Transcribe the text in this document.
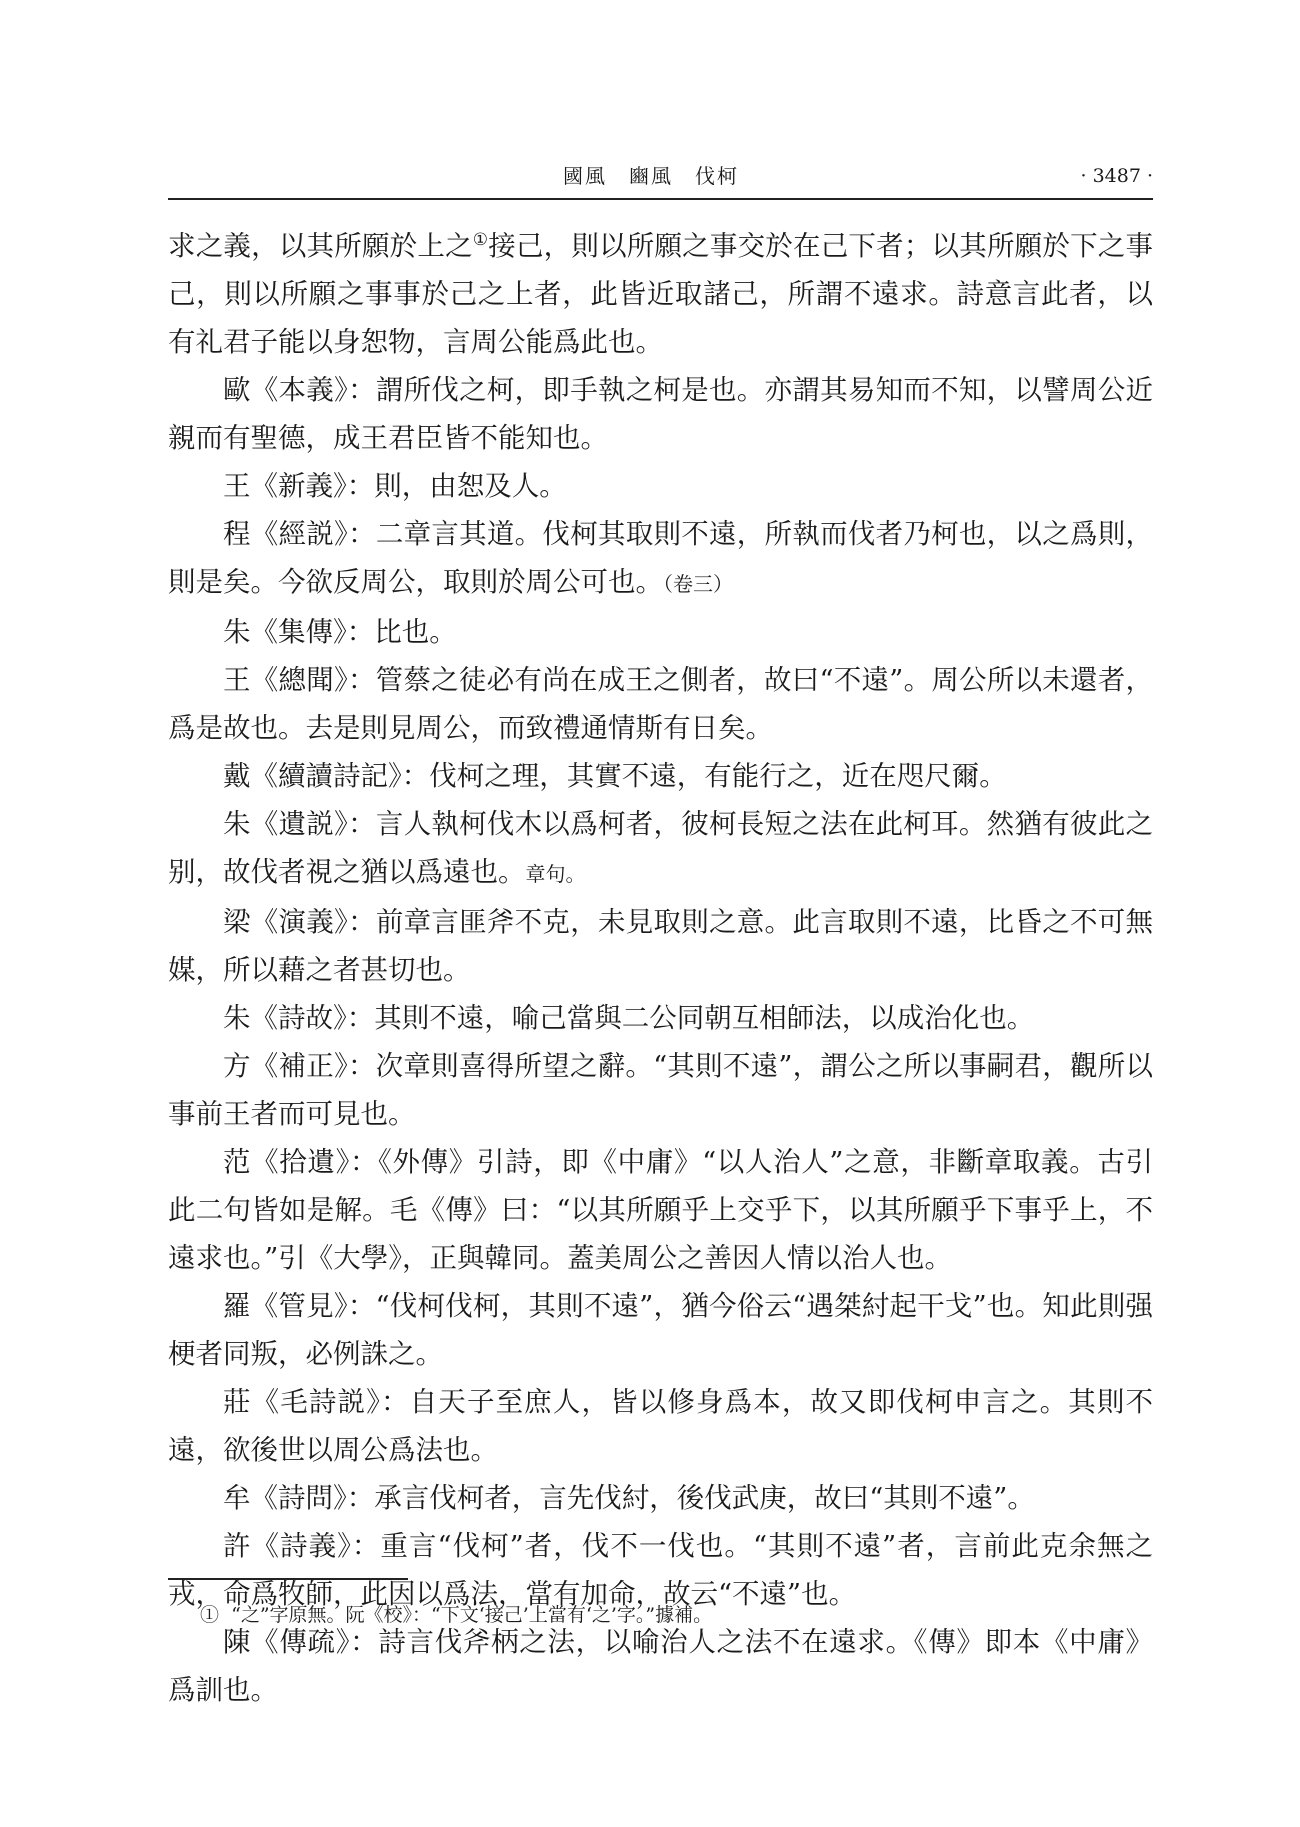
國風　豳風　伐柯	· 3487 ·

求之義，以其所願於上之①接己，則以所願之事交於在己下者；以其所願於下之事己，則以所願之事事於己之上者，此皆近取諸己，所謂不遠求。詩意言此者，以有礼君子能以身恕物，言周公能爲此也。

歐《本義》：謂所伐之柯，即手執之柯是也。亦謂其易知而不知，以譬周公近親而有聖德，成王君臣皆不能知也。

王《新義》：則，由恕及人。

程《經説》：二章言其道。伐柯其取則不遠，所執而伐者乃柯也，以之爲則，則是矣。今欲反周公，取則於周公可也。（卷三）

朱《集傳》：比也。

王《總聞》：管蔡之徒必有尚在成王之側者，故曰“不遠”。周公所以未還者，爲是故也。去是則見周公，而致禮通情斯有日矣。

戴《續讀詩記》：伐柯之理，其實不遠，有能行之，近在咫尺爾。

朱《遺説》：言人執柯伐木以爲柯者，彼柯長短之法在此柯耳。然猶有彼此之别，故伐者視之猶以爲遠也。章句。

梁《演義》：前章言匪斧不克，未見取則之意。此言取則不遠，比昏之不可無媒，所以藉之者甚切也。

朱《詩故》：其則不遠，喻己當與二公同朝互相師法，以成治化也。

方《補正》：次章則喜得所望之辭。“其則不遠”，謂公之所以事嗣君，觀所以事前王者而可見也。

范《拾遺》：《外傳》引詩，即《中庸》“以人治人”之意，非斷章取義。古引此二句皆如是解。毛《傳》曰：“以其所願乎上交乎下，以其所願乎下事乎上，不遠求也。”引《大學》，正與韓同。蓋美周公之善因人情以治人也。

羅《管見》：“伐柯伐柯，其則不遠”，猶今俗云“遇桀紂起干戈”也。知此則强梗者同叛，必例誅之。

莊《毛詩説》：自天子至庶人，皆以修身爲本，故又即伐柯申言之。其則不遠，欲後世以周公爲法也。

牟《詩問》：承言伐柯者，言先伐紂，後伐武庚，故曰“其則不遠”。

許《詩義》：重言“伐柯”者，伐不一伐也。“其則不遠”者，言前此克余無之戎，命爲牧師，此因以爲法，當有加命，故云“不遠”也。

陳《傳疏》：詩言伐斧柄之法，以喻治人之法不在遠求。《傳》即本《中庸》爲訓也。

① “之”字原無。阮《校》：“下文‘接己’上當有‘之’字。”據補。
